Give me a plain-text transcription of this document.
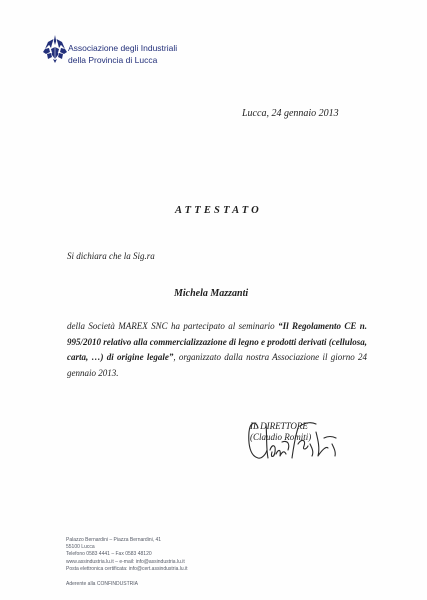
Associazione degli Industriali
della Provincia di Lucca
Lucca, 24 gennaio 2013
ATTESTATO
Si dichiara che la Sig.ra
Michela Mazzanti
della Società MAREX SNC ha partecipato al seminario “Il Regolamento CE n. 995/2010 relativo alla commercializzazione di legno e prodotti derivati (cellulosa, carta, …) di origine legale”, organizzato dalla nostra Associazione il giorno 24 gennaio 2013.
IL DIRETTORE
(Claudio Romiti)
Palazzo Bernardini – Piazza Bernardini, 41
55100 Lucca
Telefono 0583 4441 – Fax 0583 48120
www.assindustria.lu.it – e-mail: info@assindustria.lu.it
Posta elettronica certificata: info@cert.assindustria.lu.it
Aderente alla CONFINDUSTRIA
